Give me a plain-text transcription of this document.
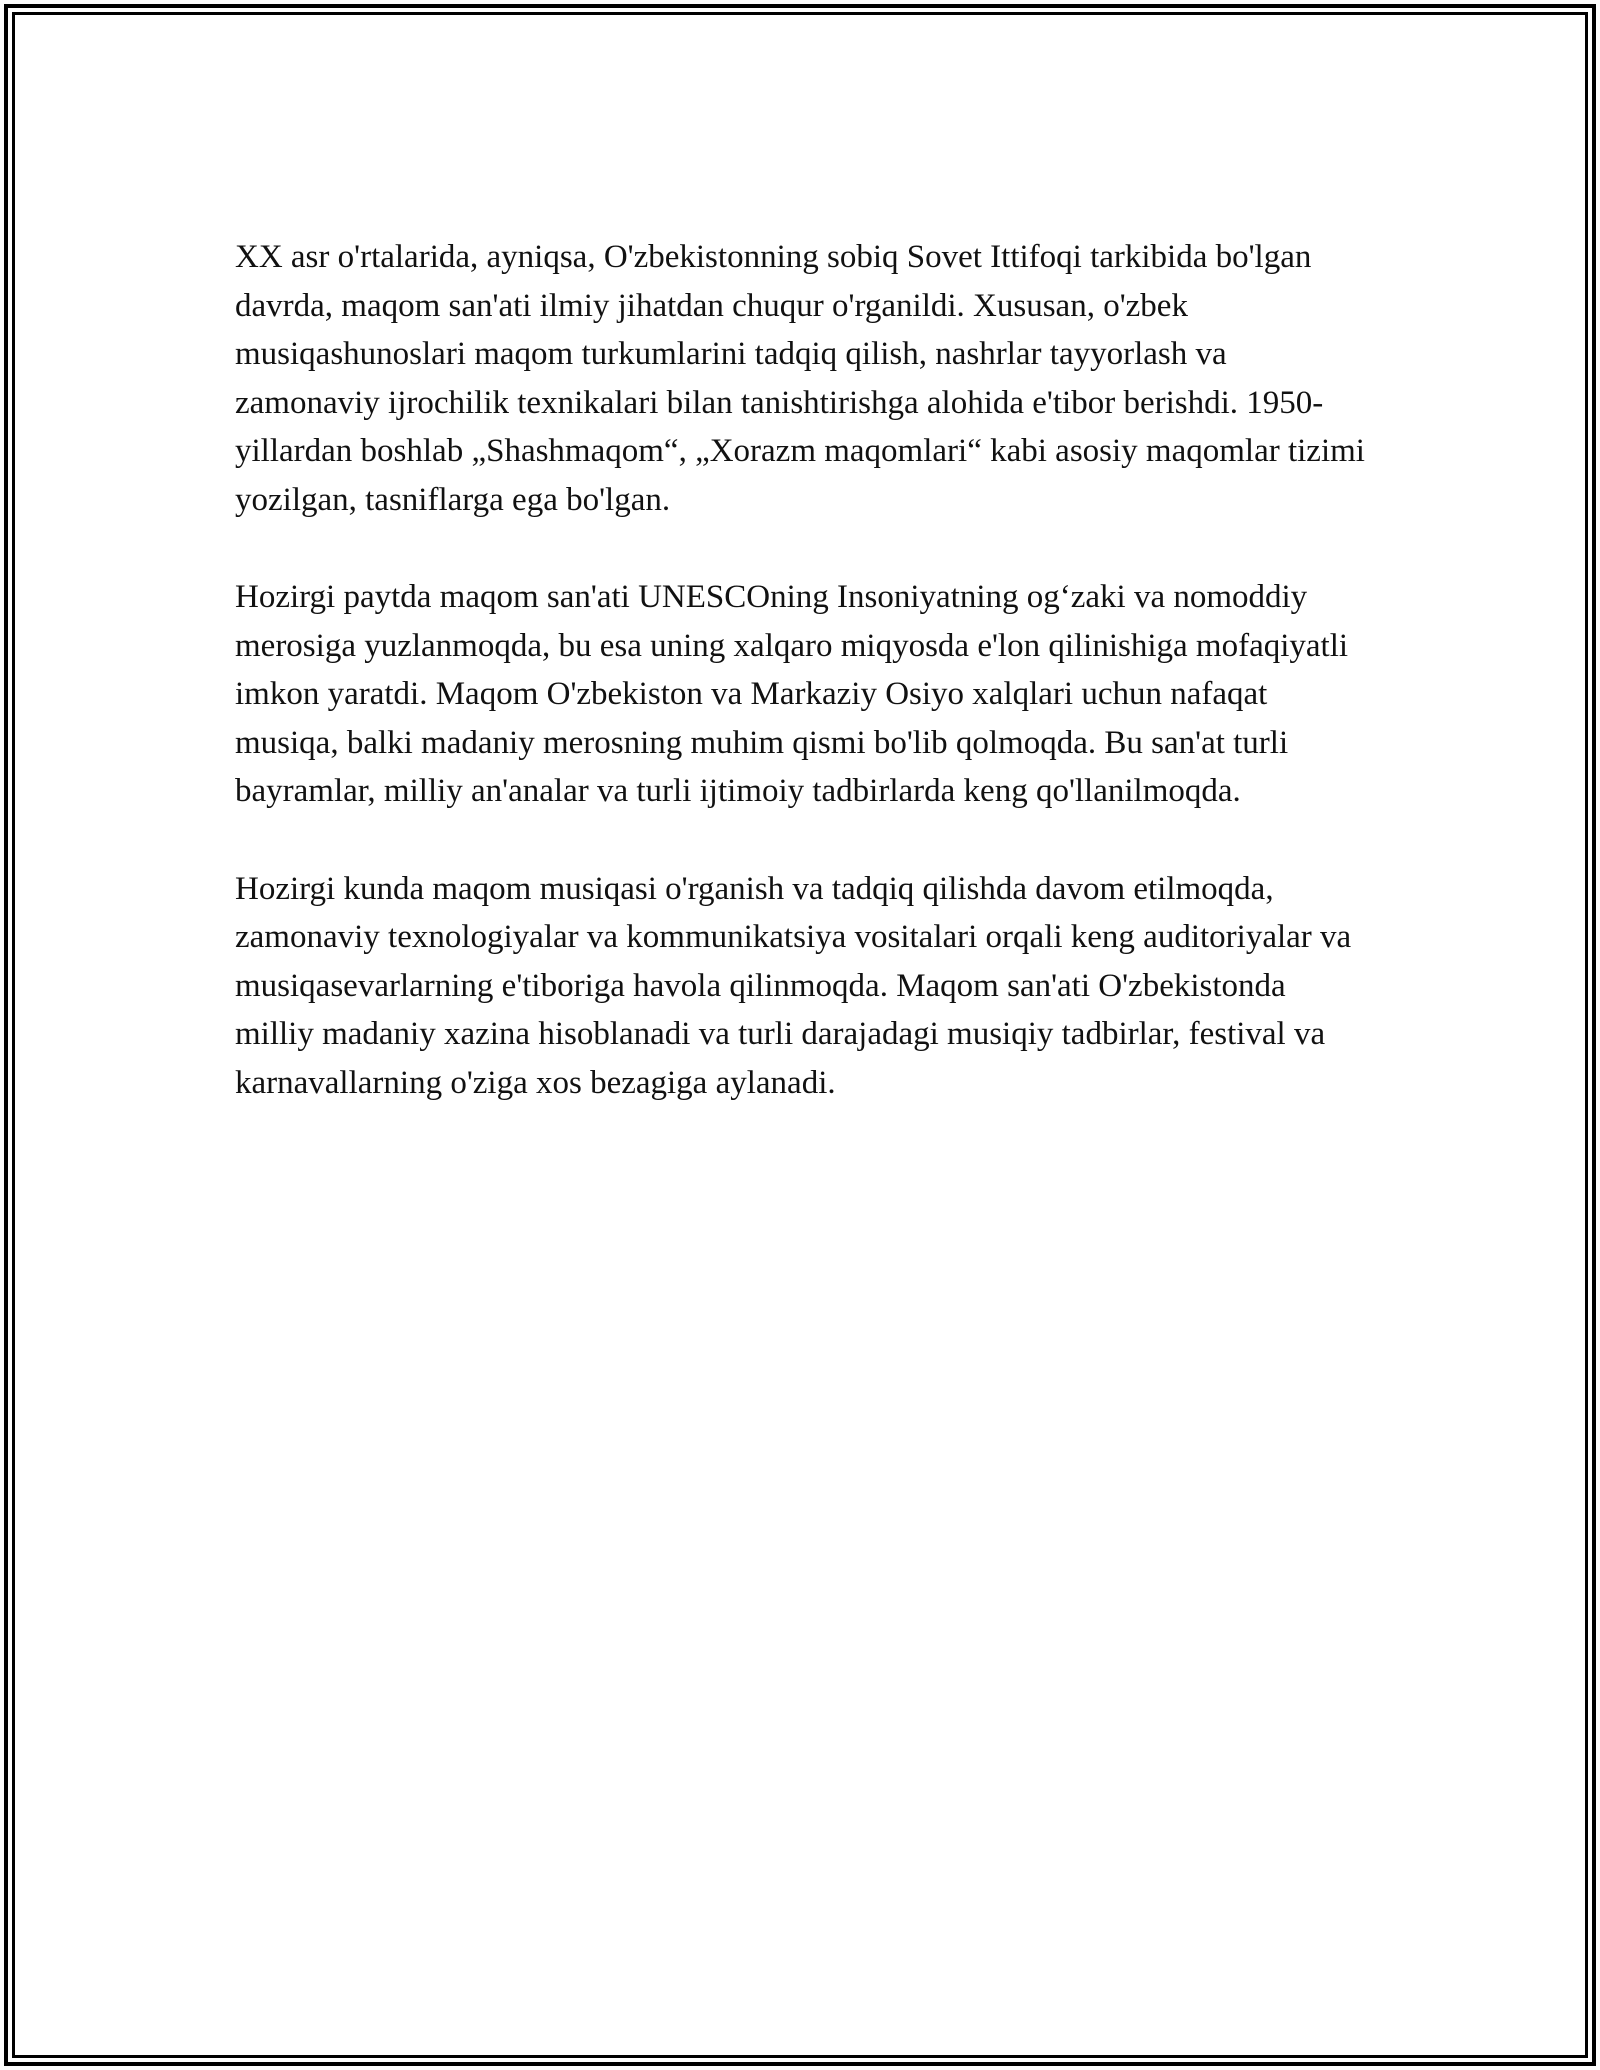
XX asr o'rtalarida, ayniqsa, O'zbekistonning sobiq Sovet Ittifoqi tarkibida bo'lgan davrda, maqom san'ati ilmiy jihatdan chuqur o'rganildi. Xususan, o'zbek musiqashunoslari maqom turkumlarini tadqiq qilish, nashrlar tayyorlash va zamonaviy ijrochilik texnikalari bilan tanishtirishga alohida e'tibor berishdi. 1950-yillardan boshlab „Shashmaqom“, „Xorazm maqomlari“ kabi asosiy maqomlar tizimi yozilgan, tasniflarga ega bo'lgan.

Hozirgi paytda maqom san'ati UNESCOning Insoniyatning og‘zaki va nomoddiy merosiga yuzlanmoqda, bu esa uning xalqaro miqyosda e'lon qilinishiga mofaqiyatli imkon yaratdi. Maqom O'zbekiston va Markaziy Osiyo xalqlari uchun nafaqat musiqa, balki madaniy merosning muhim qismi bo'lib qolmoqda. Bu san'at turli bayramlar, milliy an'analar va turli ijtimoiy tadbirlarda keng qo'llanilmoqda.

Hozirgi kunda maqom musiqasi o'rganish va tadqiq qilishda davom etilmoqda, zamonaviy texnologiyalar va kommunikatsiya vositalari orqali keng auditoriyalar va musiqasevarlarning e'tiboriga havola qilinmoqda. Maqom san'ati O'zbekistonda milliy madaniy xazina hisoblanadi va turli darajadagi musiqiy tadbirlar, festival va karnavallarning o'ziga xos bezagiga aylanadi.
